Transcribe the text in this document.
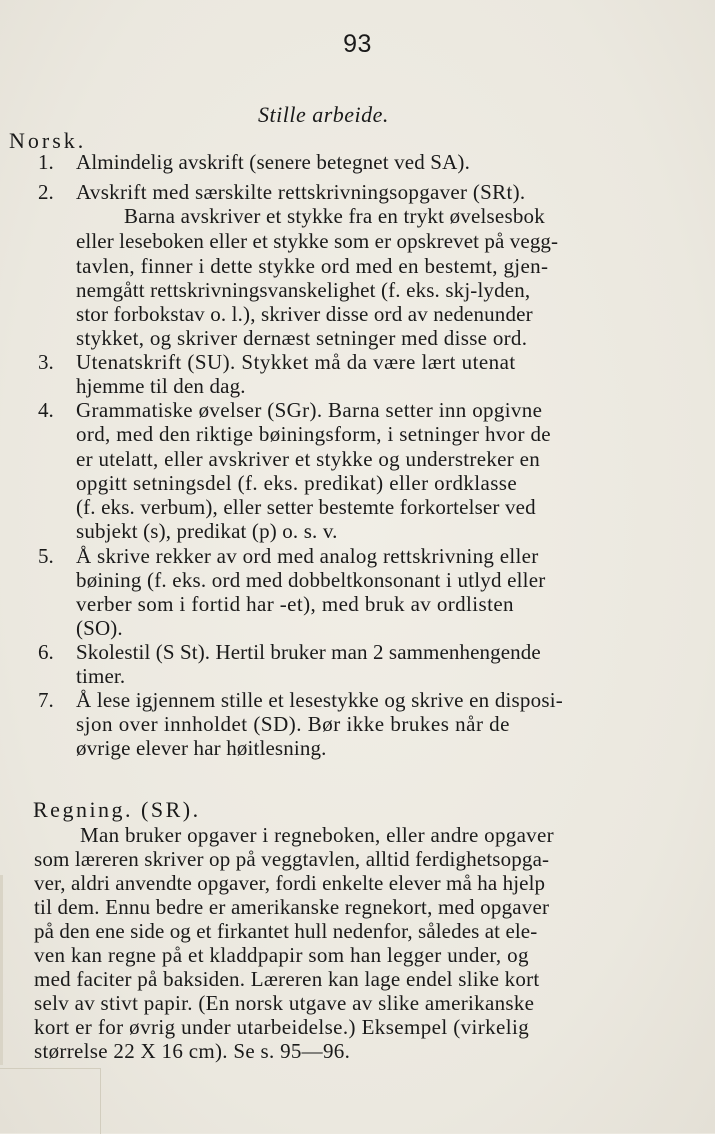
93
Stille arbeide.
Norsk.
1.	Almindelig avskrift (senere betegnet ved SA).
2.	Avskrift med særskilte rettskrivningsopgaver (SRt).
Barna avskriver et stykke fra en trykt øvelsesbok
eller leseboken eller et stykke som er opskrevet på vegg-
tavlen, finner i dette stykke ord med en bestemt, gjen-
nemgått rettskrivningsvanskelighet (f. eks. skj-lyden,
stor forbokstav o. l.), skriver disse ord av nedenunder
stykket, og skriver dernæst setninger med disse ord.
3.	Utenatskrift (SU). Stykket må da være lært utenat
hjemme til den dag.
4.	Grammatiske øvelser (SGr). Barna setter inn opgivne
ord, med den riktige bøiningsform, i setninger hvor de
er utelatt, eller avskriver et stykke og understreker en
opgitt setningsdel (f. eks. predikat) eller ordklasse
(f. eks. verbum), eller setter bestemte forkortelser ved
subjekt (s), predikat (p) o. s. v.
5.	Å skrive rekker av ord med analog rettskrivning eller
bøining (f. eks. ord med dobbeltkonsonant i utlyd eller
verber som i fortid har -et), med bruk av ordlisten
(SO).
6.	Skolestil (S St). Hertil bruker man 2 sammenhengende
timer.
7.	Å lese igjennem stille et lesestykke og skrive en disposi-
sjon over innholdet (SD). Bør ikke brukes når de
øvrige elever har høitlesning.
Regning. (SR).
Man bruker opgaver i regneboken, eller andre opgaver
som læreren skriver op på veggtavlen, alltid ferdighetsopga-
ver, aldri anvendte opgaver, fordi enkelte elever må ha hjelp
til dem. Ennu bedre er amerikanske regnekort, med opgaver
på den ene side og et firkantet hull nedenfor, således at ele-
ven kan regne på et kladdpapir som han legger under, og
med faciter på baksiden. Læreren kan lage endel slike kort
selv av stivt papir. (En norsk utgave av slike amerikanske
kort er for øvrig under utarbeidelse.) Eksempel (virkelig
størrelse 22 X 16 cm). Se s. 95—96.
